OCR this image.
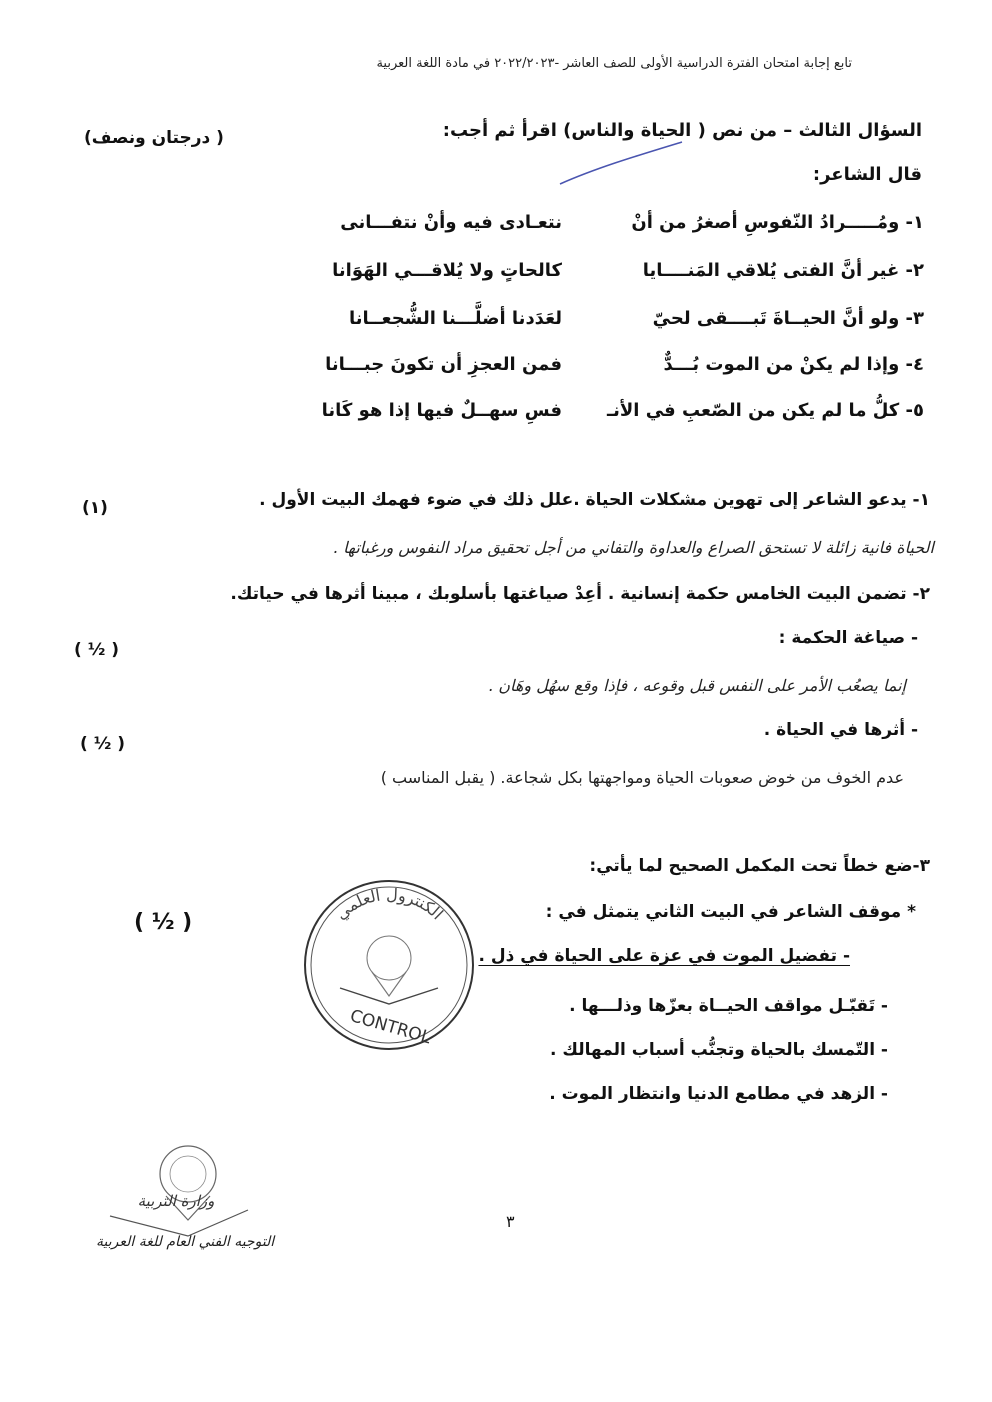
تابع إجابة امتحان الفترة الدراسية الأولى للصف العاشر -٢٠٢٢/٢٠٢٣ في مادة اللغة العربية
السؤال الثالث – من نص ( الحياة والناس) اقرأ ثم أجب:
(درجتان ونصف )
قال الشاعر:
١- ومُـــــرادُ النّفوسِ أصغرُ من أنْ
نتعـادى فيه وأنْ نتفـــانى
٢- غير أنَّ الفتى يُلاقي المَنــــايا
كالحاتٍ ولا يُلاقـــي الهَوَانا
٣- ولو أنَّ الحيــاةَ تَبــــقى لحيّ
لعَدَدنا أضلَّـــنا الشُّجعــانا
٤- وإذا لم يكنْ من الموت بُـــدٌّ
فمن العجزِ أن تكونَ جبـــانا
٥- كلُّ ما لم يكن من الصّعبِ في الأنـ
فسِ سهــلٌ فيها إذا هو كَانا
١- يدعو الشاعر إلى تهوين مشكلات الحياة .علل ذلك في ضوء فهمك البيت الأول .
(١)
الحياة فانية زائلة لا تستحق الصراع والعداوة والتفاني من أجل تحقيق مراد النفوس ورغباتها .
٢- تضمن البيت الخامس حكمة إنسانية . أعِدْ صياغتها بأسلوبك ، مبينا أثرها في حياتك.
- صياغة الحكمة :
( ½ )
إنما يصعُب الأمر على النفس قبل وقوعه ، فإذا وقع سهُل وهَان .
- أثرها في الحياة .
( ½ )
عدم الخوف من خوض صعوبات الحياة ومواجهتها بكل شجاعة. ( يقبل المناسب )
٣-ضع خطاً تحت المكمل الصحيح لما يأتي:
* موقف الشاعر في البيت الثاني يتمثل في :
( ½ )
- تفضيل الموت في عزة على الحياة في ذل .
- تَقبّـل مواقف الحيــاة بعزّها وذلـــها .
- التّمسك بالحياة وتجنُّب أسباب المهالك .
- الزهد في مطامع الدنيا وانتظار الموت .
الكنترول العلمي
CONTROL
وزارة التربية
٣
التوجيه الفني العام للغة العربية
